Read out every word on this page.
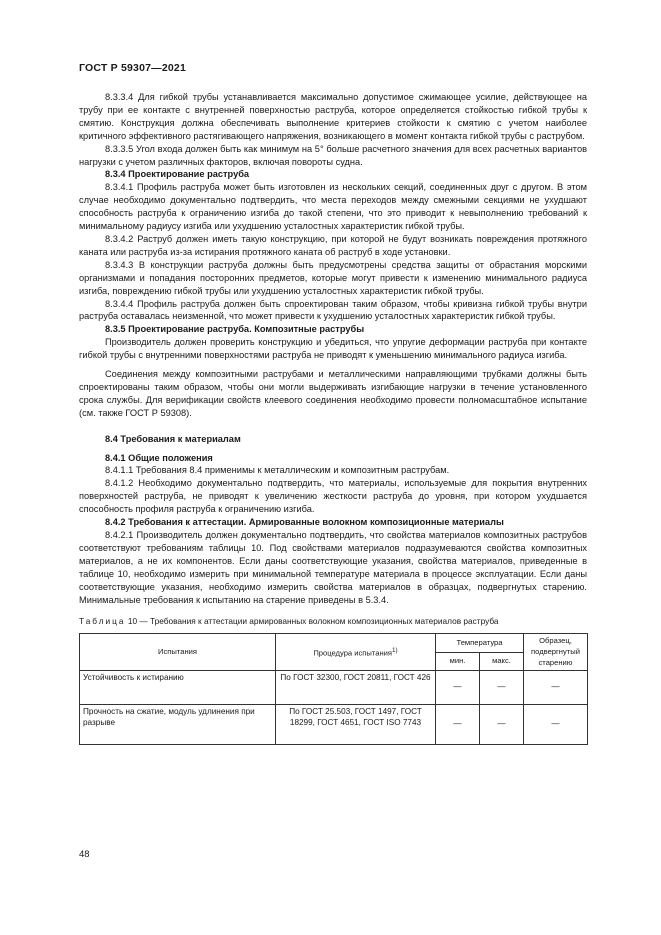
ГОСТ Р 59307—2021

8.3.3.4 Для гибкой трубы устанавливается максимально допустимое сжимающее усилие, действующее на трубу при ее контакте с внутренней поверхностью раструба, которое определяется стойкостью гибкой трубы к смятию. Конструкция должна обеспечивать выполнение критериев стойкости к смятию с учетом наиболее критичного эффективного растягивающего напряжения, возникающего в момент контакта гибкой трубы с раструбом.

8.3.3.5 Угол входа должен быть как минимум на 5° больше расчетного значения для всех расчетных вариантов нагрузки с учетом различных факторов, включая повороты судна.

8.3.4 Проектирование раструба

8.3.4.1 Профиль раструба может быть изготовлен из нескольких секций, соединенных друг с другом. В этом случае необходимо документально подтвердить, что места переходов между смежными секциями не ухудшают способность раструба к ограничению изгиба до такой степени, что это приводит к невыполнению требований к минимальному радиусу изгиба или ухудшению усталостных характеристик гибкой трубы.

8.3.4.2 Раструб должен иметь такую конструкцию, при которой не будут возникать повреждения протяжного каната или раструба из-за истирания протяжного каната об раструб в ходе установки.

8.3.4.3 В конструкции раструба должны быть предусмотрены средства защиты от обрастания морскими организмами и попадания посторонних предметов, которые могут привести к изменению минимального радиуса изгиба, повреждению гибкой трубы или ухудшению усталостных характеристик гибкой трубы.

8.3.4.4 Профиль раструба должен быть спроектирован таким образом, чтобы кривизна гибкой трубы внутри раструба оставалась неизменной, что может привести к ухудшению усталостных характеристик гибкой трубы.

8.3.5 Проектирование раструба. Композитные раструбы

Производитель должен проверить конструкцию и убедиться, что упругие деформации раструба при контакте гибкой трубы с внутренними поверхностями раструба не приводят к уменьшению минимального радиуса изгиба.

Соединения между композитными раструбами и металлическими направляющими трубками должны быть спроектированы таким образом, чтобы они могли выдерживать изгибающие нагрузки в течение установленного срока службы. Для верификации свойств клеевого соединения необходимо провести полномасштабное испытание (см. также ГОСТ Р 59308).

8.4 Требования к материалам

8.4.1 Общие положения

8.4.1.1 Требования 8.4 применимы к металлическим и композитным раструбам.

8.4.1.2 Необходимо документально подтвердить, что материалы, используемые для покрытия внутренних поверхностей раструба, не приводят к увеличению жесткости раструба до уровня, при котором ухудшается способность профиля раструба к ограничению изгиба.

8.4.2 Требования к аттестации. Армированные волокном композиционные материалы

8.4.2.1 Производитель должен документально подтвердить, что свойства материалов композитных раструбов соответствуют требованиям таблицы 10. Под свойствами материалов подразумеваются свойства композитных материалов, а не их компонентов. Если даны соответствующие указания, свойства материалов, приведенные в таблице 10, необходимо измерить при минимальной температуре материала в процессе эксплуатации. Если даны соответствующие указания, необходимо измерить свойства материалов в образцах, подвергнутых старению. Минимальные требования к испытанию на старение приведены в 5.3.4.

Таблица 10 — Требования к аттестации армированных волокном композиционных материалов раструба
Испытания	Процедура испытания$^{1)}$	Температура		Образец, подвергнутый старению
		мин.	макс.	
Устойчивость к истиранию	По ГОСТ 32300, ГОСТ 20811, ГОСТ 426	—	—	—
Прочность на сжатие, модуль удлинения при разрыве	По ГОСТ 25.503, ГОСТ 1497, ГОСТ 18299, ГОСТ 4651, ГОСТ ISO 7743	—	—	—
48
